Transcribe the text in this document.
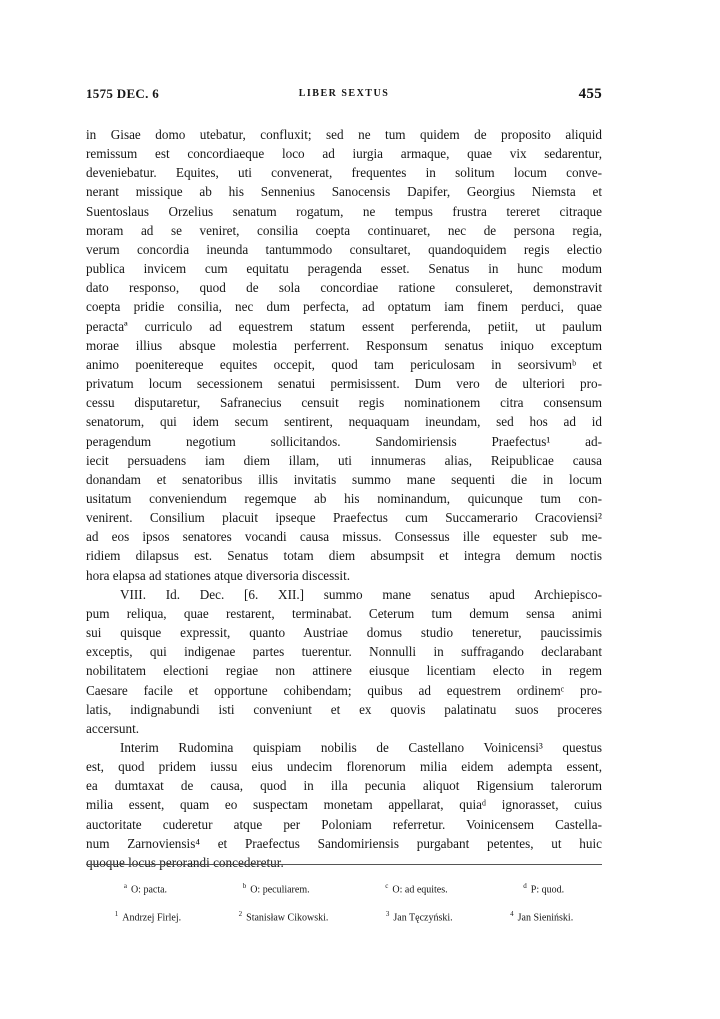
1575 DEC. 6	LIBER SEXTUS	455
in Gisae domo utebatur, confluxit; sed ne tum quidem de proposito aliquid
remissum est concordiaeque loco ad iurgia armaque, quae vix sedarentur,
deveniebatur. Equites, uti convenerat, frequentes in solitum locum conve-
nerant missique ab his Sennenius Sanocensis Dapifer, Georgius Niemsta et
Suentoslaus Orzelius senatum rogatum, ne tempus frustra tereret citraque
moram ad se veniret, consilia coepta continuaret, nec de persona regia,
verum concordia ineunda tantummodo consultaret, quandoquidem regis electio
publica invicem cum equitatu peragenda esset. Senatus in hunc modum
dato responso, quod de sola concordiae ratione consuleret, demonstravit
coepta pridie consilia, nec dum perfecta, ad optatum iam finem perduci, quae
peractaª curriculo ad equestrem statum essent perferenda, petiit, ut paulum
morae illius absque molestia perferrent. Responsum senatus iniquo exceptum
animo poenitereque equites occepit, quod tam periculosam in seorsivumᵇ et
privatum locum secessionem senatui permisissent. Dum vero de ulteriori pro-
cessu disputaretur, Safranecius censuit regis nominationem citra consensum
senatorum, qui idem secum sentirent, nequaquam ineundam, sed hos ad id
peragendum negotium sollicitandos. Sandomiriensis Praefectus¹ ad-
iecit persuadens iam diem illam, uti innumeras alias, Reipublicae causa
donandam et senatoribus illis invitatis summo mane sequenti die in locum
usitatum conveniendum regemque ab his nominandum, quicunque tum con-
venirent. Consilium placuit ipseque Praefectus cum Succamerario Cracoviensi²
ad eos ipsos senatores vocandi causa missus. Consessus ille equester sub me-
ridiem dilapsus est. Senatus totam diem absumpsit et integra demum noctis
hora elapsa ad stationes atque diversoria discessit.
VIII. Id. Dec. [6. XII.] summo mane senatus apud Archiepisco-
pum reliqua, quae restarent, terminabat. Ceterum tum demum sensa animi
sui quisque expressit, quanto Austriae domus studio teneretur, paucissimis
exceptis, qui indigenae partes tuerentur. Nonnulli in suffragando declarabant
nobilitatem electioni regiae non attinere eiusque licentiam electo in regem
Caesare facile et opportune cohibendam; quibus ad equestrem ordinemᶜ pro-
latis, indignabundi isti conveniunt et ex quovis palatinatu suos proceres
accersunt.
Interim Rudomina quispiam nobilis de Castellano Voinicensi³ questus
est, quod pridem iussu eius undecim florenorum milia eidem adempta essent,
ea dumtaxat de causa, quod in illa pecunia aliquot Rigensium talerorum
milia essent, quam eo suspectam monetam appellarat, quiaᵈ ignorasset, cuius
auctoritate cuderetur atque per Poloniam referretur. Voinicensem Castella-
num Zarnoviensis⁴ et Praefectus Sandomiriensis purgabant petentes, ut huic
quoque locus perorandi concederetur.
$^a$ O: pacta.	$^b$ O: peculiarem.	$^c$ O: ad equites.	$^d$ P: quod.
$^1$ Andrzej Firlej.	$^2$ Stanisław Cikowski.	$^3$ Jan Tęczyński.	$^4$ Jan Sieniński.
